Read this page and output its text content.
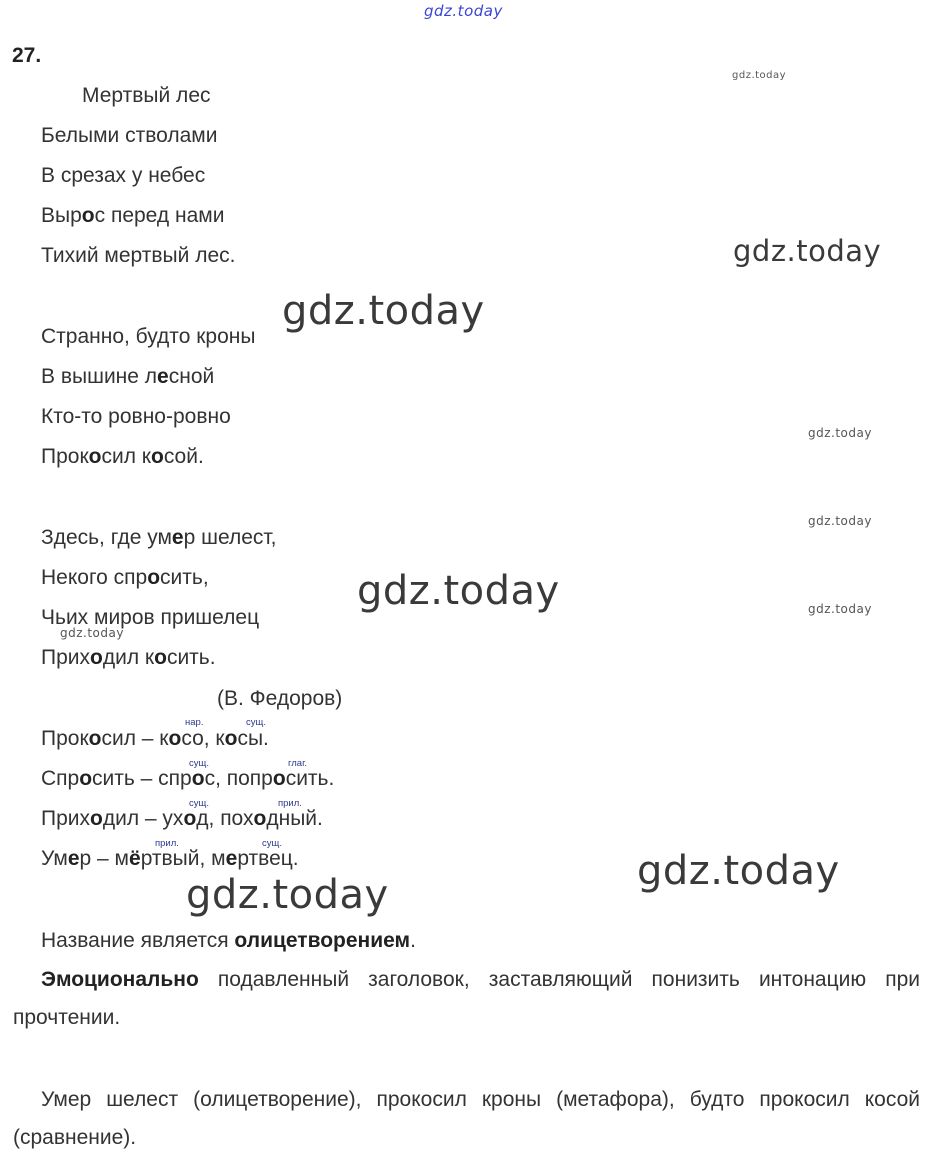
gdz.today
gdz.today
gdz.today
gdz.today
gdz.today
gdz.today
gdz.today	gdz.today
gdz.today
gdz.today
gdz.today
27.
Мертвый лес
Белыми стволами
В срезах у небес
Вырос перед нами
Тихий мертвый лес.
Странно, будто кроны
В вышине лесной
Кто-то ровно-ровно
Прокосил косой.
Здесь, где умер шелест,
Некого спросить,
Чьих миров пришелец
Приходил косить.
(В. Федоров)
нар.	сущ.
Прокосил – косо, косы.
сущ.	глаг.
Спросить – спрос, попросить.
сущ.	прил.
Приходил – уход, походный.
прил.	сущ.
Умер – мёртвый, мертвец.
Название является олицетворением.
Эмоционально подавленный заголовок, заставляющий понизить интонацию при прочтении.
Умер шелест (олицетворение), прокосил кроны (метафора), будто прокосил косой (сравнение).
